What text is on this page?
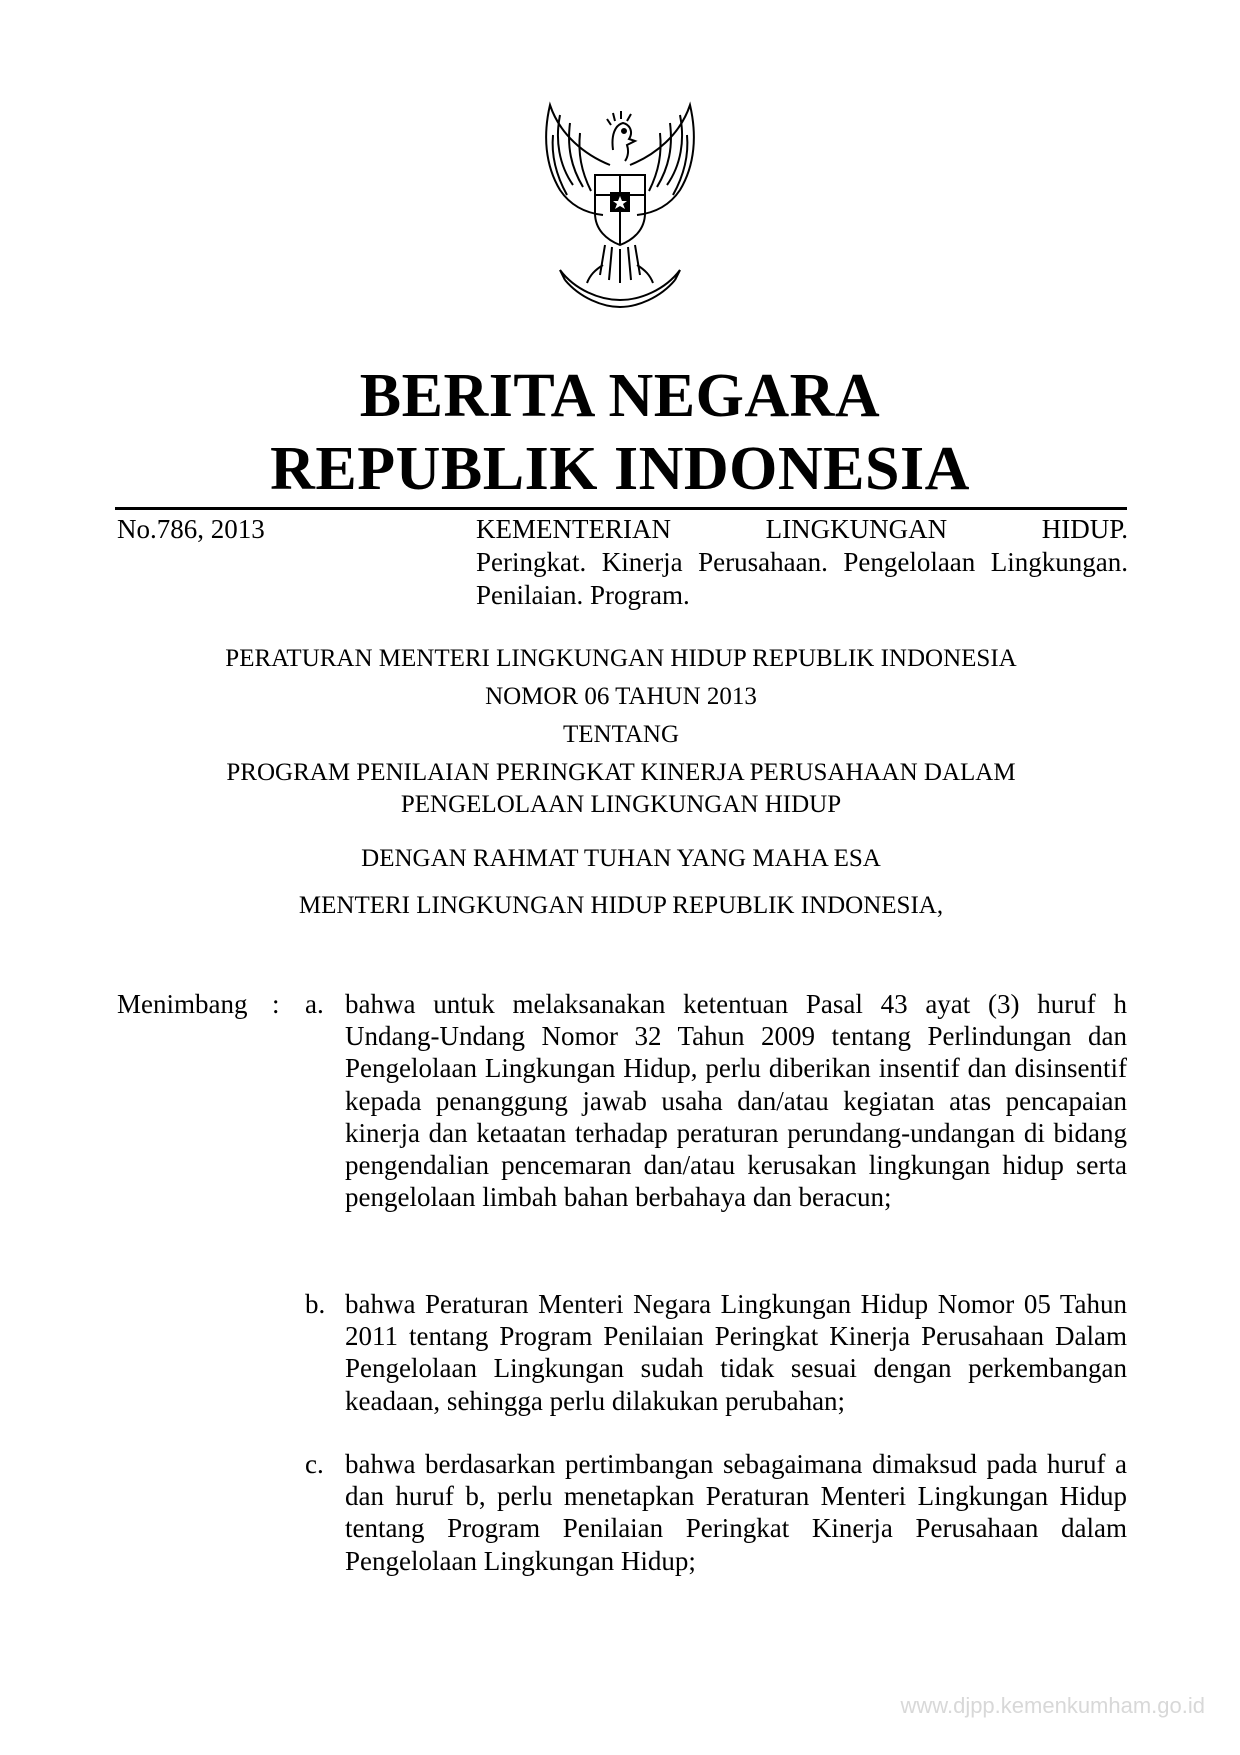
BERITA NEGARA
REPUBLIK INDONESIA
No.786, 2013	KEMENTERIAN	LINGKUNGAN	HIDUP.
Peringkat. Kinerja Perusahaan. Pengelolaan Lingkungan. Penilaian. Program.
PERATURAN MENTERI LINGKUNGAN HIDUP REPUBLIK INDONESIA
NOMOR 06 TAHUN 2013
TENTANG
PROGRAM PENILAIAN PERINGKAT KINERJA PERUSAHAAN DALAM
PENGELOLAAN LINGKUNGAN HIDUP
DENGAN RAHMAT TUHAN YANG MAHA ESA
MENTERI LINGKUNGAN HIDUP REPUBLIK INDONESIA,
Menimbang : a. bahwa untuk melaksanakan ketentuan Pasal 43 ayat (3) huruf h Undang-Undang Nomor 32 Tahun 2009 tentang Perlindungan dan Pengelolaan Lingkungan Hidup, perlu diberikan insentif dan disinsentif kepada penanggung jawab usaha dan/atau kegiatan atas pencapaian kinerja dan ketaatan terhadap peraturan perundang-undangan di bidang pengendalian pencemaran dan/atau kerusakan lingkungan hidup serta pengelolaan limbah bahan berbahaya dan beracun;
b. bahwa Peraturan Menteri Negara Lingkungan Hidup Nomor 05 Tahun 2011 tentang Program Penilaian Peringkat Kinerja Perusahaan Dalam Pengelolaan Lingkungan sudah tidak sesuai dengan perkembangan keadaan, sehingga perlu dilakukan perubahan;
c. bahwa berdasarkan pertimbangan sebagaimana dimaksud pada huruf a dan huruf b, perlu menetapkan Peraturan Menteri Lingkungan Hidup tentang Program Penilaian Peringkat Kinerja Perusahaan dalam Pengelolaan Lingkungan Hidup;
www.djpp.kemenkumham.go.id
